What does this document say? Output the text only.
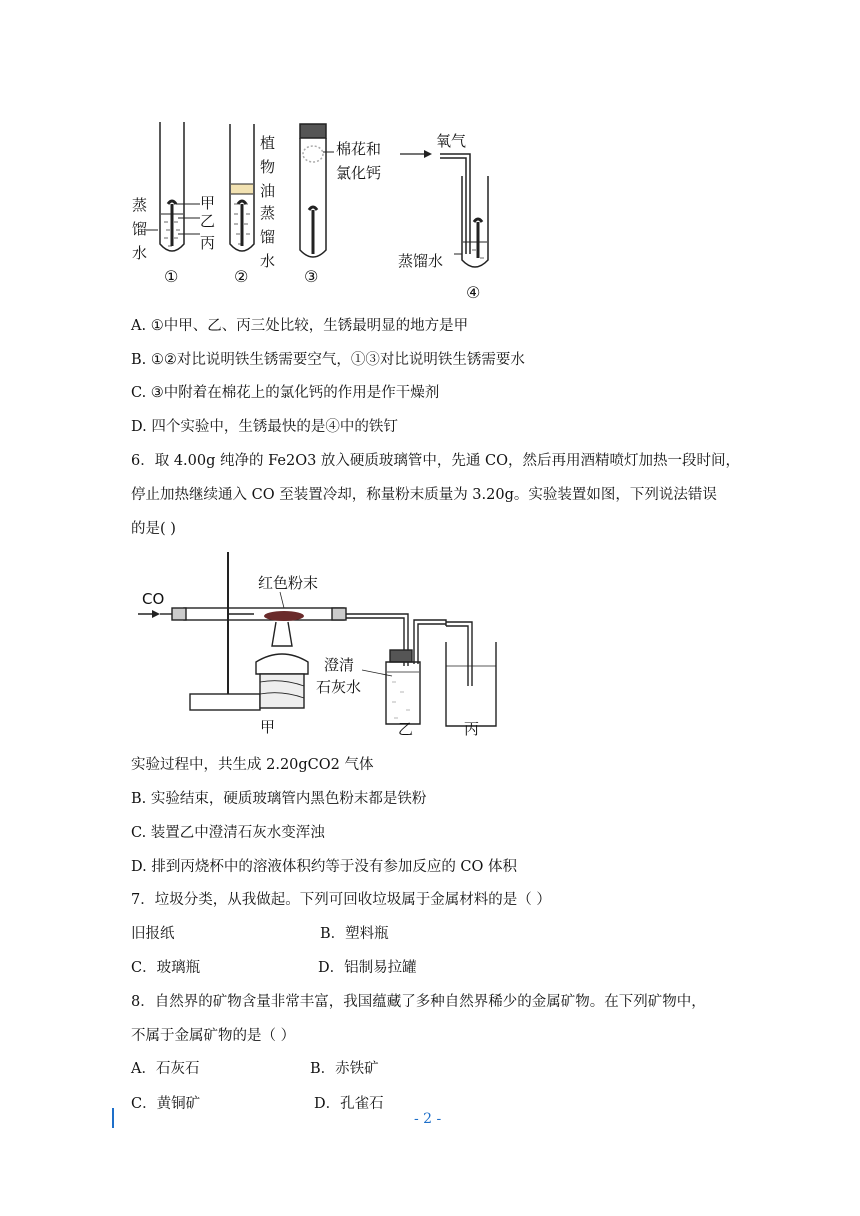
蒸
馏
水
甲
乙
丙
植
物
油
蒸
馏
水
棉花和
氯化钙
氧气
蒸馏水
①	②	③
④
A. ①中甲、乙、丙三处比较，生锈最明显的地方是甲
B. ①②对比说明铁生锈需要空气，①③对比说明铁生锈需要水
C. ③中附着在棉花上的氯化钙的作用是作干燥剂
D. 四个实验中，生锈最快的是④中的铁钉
6．取 4.00g 纯净的 Fe2O3 放入硬质玻璃管中，先通 CO，然后再用酒精喷灯加热一段时间，
停止加热继续通入 CO 至装置冷却，称量粉末质量为 3.20g。实验装置如图，下列说法错误
的是( )
CO
红色粉末
澄清
石灰水
甲	乙	丙
实验过程中，共生成 2.20gCO2 气体
B. 实验结束，硬质玻璃管内黑色粉末都是铁粉
C. 装置乙中澄清石灰水变浑浊
D. 排到丙烧杯中的溶液体积约等于没有参加反应的 CO 体积
7．垃圾分类，从我做起。下列可回收垃圾属于金属材料的是（ ）
旧报纸	B．塑料瓶
C．玻璃瓶	D．铝制易拉罐
8．自然界的矿物含量非常丰富，我国蕴藏了多种自然界稀少的金属矿物。在下列矿物中，
不属于金属矿物的是（ ）
A．石灰石	B．赤铁矿
C．黄铜矿	D．孔雀石
- 2 -
